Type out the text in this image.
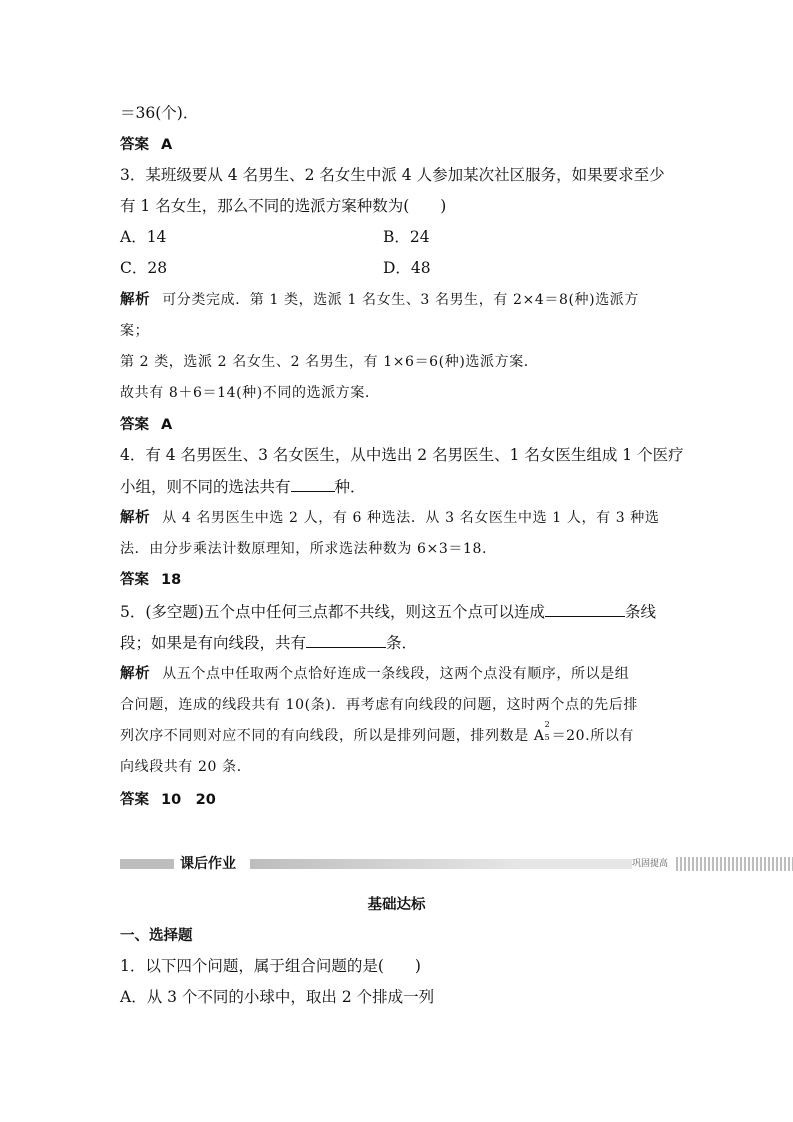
＝36(个)．
答案 A
3．某班级要从 4 名男生、2 名女生中派 4 人参加某次社区服务，如果要求至少
有 1 名女生，那么不同的选派方案种数为(　　)
A．14	B．24
C．28	D．48
解析 可分类完成．第 1 类，选派 1 名女生、3 名男生，有 2×4＝8(种)选派方
案；
第 2 类，选派 2 名女生、2 名男生，有 1×6＝6(种)选派方案．
故共有 8＋6＝14(种)不同的选派方案．
答案 A
4．有 4 名男医生、3 名女医生，从中选出 2 名男医生、1 名女医生组成 1 个医疗
小组，则不同的选法共有	种．
解析 从 4 名男医生中选 2 人，有 6 种选法．从 3 名女医生中选 1 人，有 3 种选
法．由分步乘法计数原理知，所求选法种数为 6×3＝18.
答案 18
5．(多空题)五个点中任何三点都不共线，则这五个点可以连成	条线
段；如果是有向线段，共有	条．
解析 从五个点中任取两个点恰好连成一条线段，这两个点没有顺序，所以是组
合问题，连成的线段共有 10(条)．再考虑有向线段的问题，这时两个点的先后排
列次序不同则对应不同的有向线段，所以是排列问题，排列数是 A
2
5 ＝20.所以有
向线段共有 20 条．
答案 10　20
课后作业	巩固提高
基础达标
一、选择题
1．以下四个问题，属于组合问题的是(　　)
A．从 3 个不同的小球中，取出 2 个排成一列
